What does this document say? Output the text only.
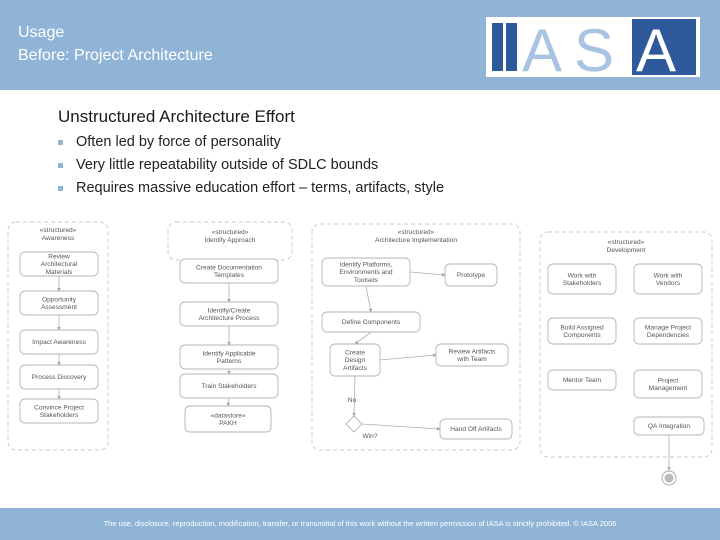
Usage
Before: Project Architecture	A S A
Unstructured Architecture Effort
Often led by force of personality
Very little repeatability outside of SDLC bounds
Requires massive education effort – terms, artifacts, style
«structured»
Awareness
Review Architectural Materials
Opportunity Assessment
Impact Awareness
Process Discovery
Convince Project Stakeholders
«structured»
Identify Approach
Create Documentation Templates
Identify/Create Architecture Process
Identify Applicable Patterns
Train Stakeholders
«datastore» PAKH
«structured»
Architecture Implementation
Identify Platforms, Environments and Toolsets
Prototype
Define Components
Create Design Artifacts
Review Artifacts with Team
Hand Off Artifacts
No
Win?
«structured»
Development
Work with Stakeholders
Work with Vendors
Build Assigned Components
Manage Project Dependencies
Mentor Team	Project Management
QA Integration
The use, disclosure, reproduction, modification, transfer, or transmittal of this work without the written permission of IASA is strictly prohibited. © IASA 2006
